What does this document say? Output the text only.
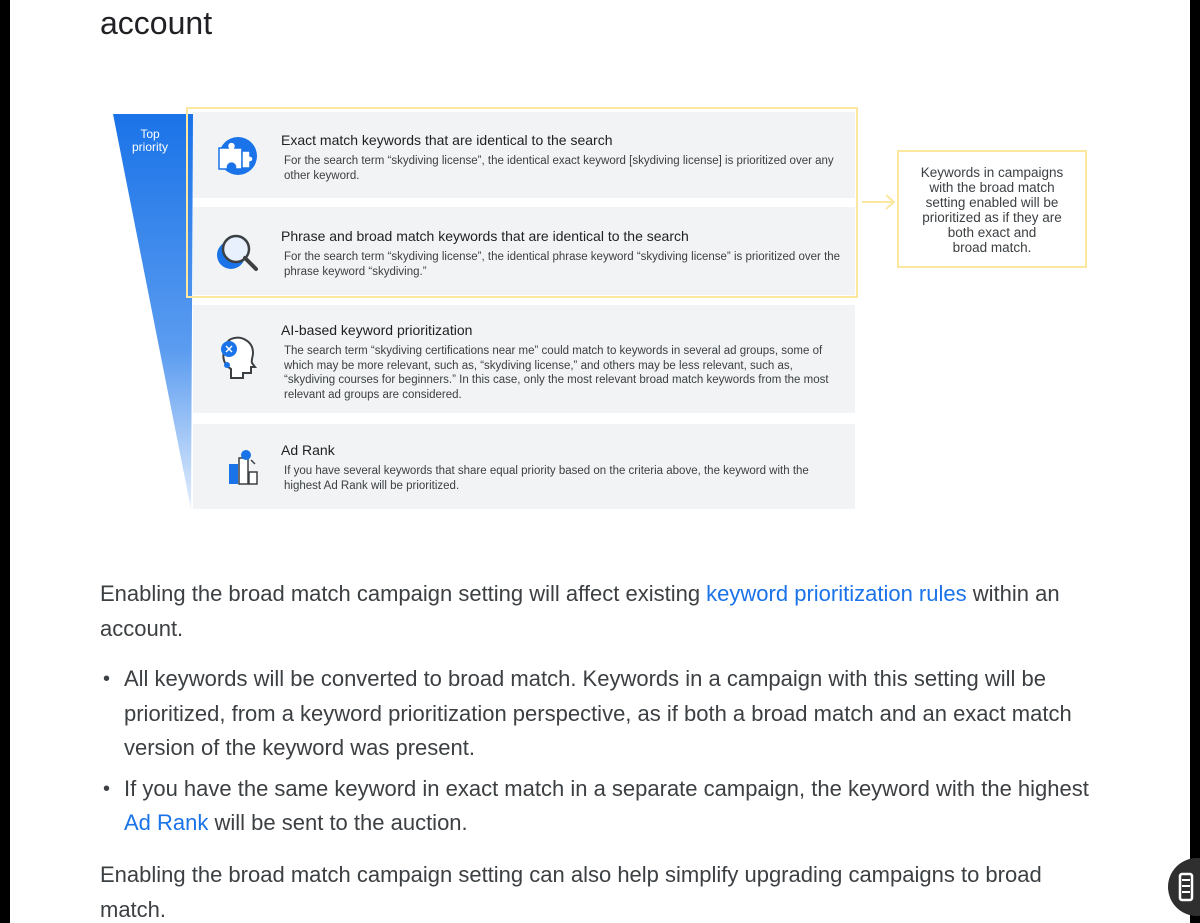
account
Top
priority	Exact match keywords that are identical to the search
For the search term “skydiving license”, the identical exact keyword [skydiving license] is prioritized over any other keyword.
Phrase and broad match keywords that are identical to the search
For the search term “skydiving license”, the identical phrase keyword “skydiving license” is prioritized over the phrase keyword “skydiving.”
AI-based keyword prioritization
The search term “skydiving certifications near me” could match to keywords in several ad groups, some of which may be more relevant, such as, “skydiving license,” and others may be less relevant, such as, “skydiving courses for beginners.” In this case, only the most relevant broad match keywords from the most relevant ad groups are considered.
Ad Rank
If you have several keywords that share equal priority based on the criteria above, the keyword with the highest Ad Rank will be prioritized.
Keywords in campaigns
with the broad match
setting enabled will be
prioritized as if they are
both exact and
broad match.
Enabling the broad match campaign setting will affect existing keyword prioritization rules within an account.
• All keywords will be converted to broad match. Keywords in a campaign with this setting will be prioritized, from a keyword prioritization perspective, as if both a broad match and an exact match version of the keyword was present.
• If you have the same keyword in exact match in a separate campaign, the keyword with the highest Ad Rank will be sent to the auction.
Enabling the broad match campaign setting can also help simplify upgrading campaigns to broad match.
